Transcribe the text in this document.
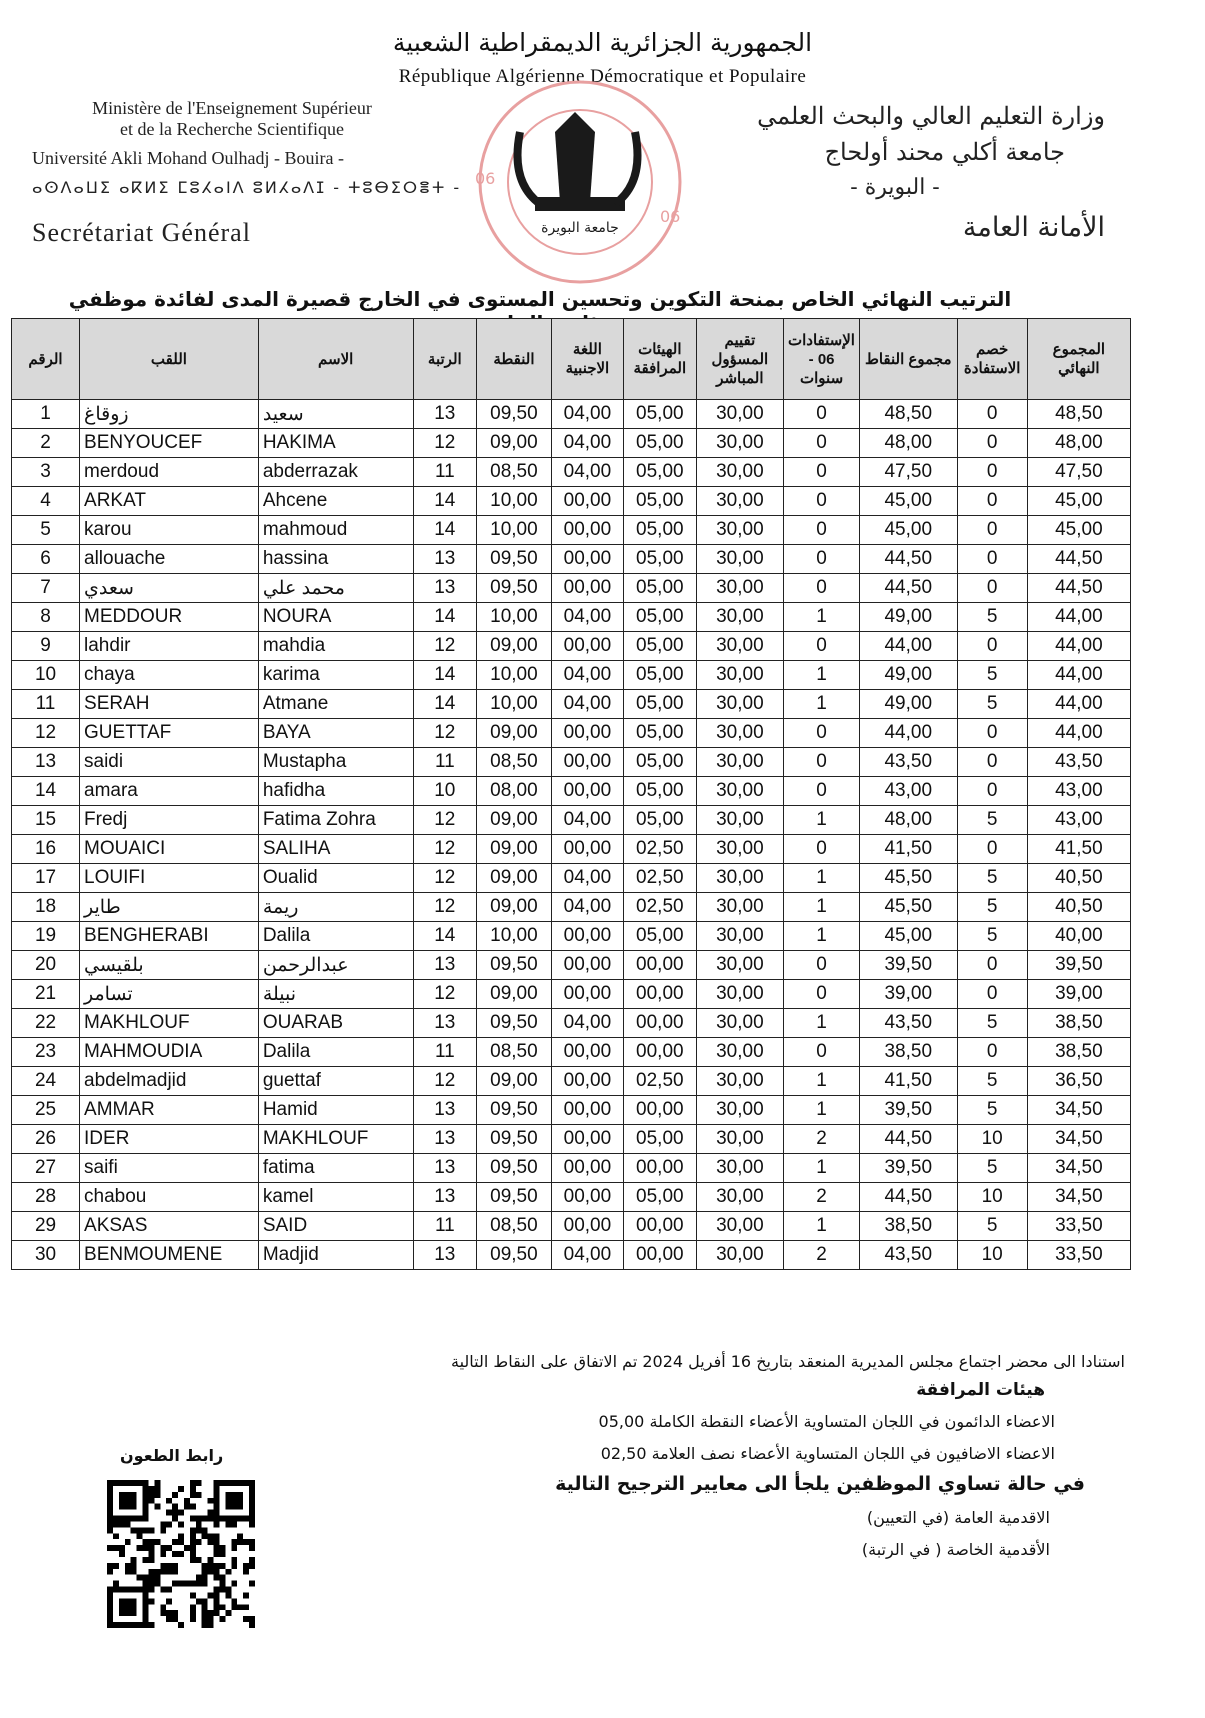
الجمهورية الجزائرية الديمقراطية الشعبية
République Algérienne Démocratique et Populaire
Ministère de l'Enseignement Supérieur
et de la Recherche Scientifique
Université Akli Mohand Oulhadj - Bouira -
ⴰⵙⴷⴰⵡⵉ ⴰⴽⵍⵉ ⵎⵓⵃⴰⵏⴷ ⵓⵍⵃⴰⴷⵊ - ⵜⵓⴱⵉⵔⴻⵜ -
Secrétariat Général
وزارة التعليم العالي والبحث العلمي
جامعة أكلي محند أولحاج
- البويرة -
الأمانة العامة
06
06
جامعة البويرة
الترتيب النهائي الخاص بمنحة التكوين وتحسين المستوى في الخارج قصيرة المدى لفائدة موظفي
الرقم	اللقب	الاسم	الرتبة	النقطة	اللغة الاجنبية	الهيئات المرافقة	تقييم المسؤول المباشر	الإستفادات 06 - سنوات	مجموع النقاط	خصم الاستفادة	المجموع النهائي
1	زوقاغ	سعيد	13	09,50	04,00	05,00	30,00	0	48,50	0	48,50
2	BENYOUCEF	HAKIMA	12	09,00	04,00	05,00	30,00	0	48,00	0	48,00
3	merdoud	abderrazak	11	08,50	04,00	05,00	30,00	0	47,50	0	47,50
4	ARKAT	Ahcene	14	10,00	00,00	05,00	30,00	0	45,00	0	45,00
5	karou	mahmoud	14	10,00	00,00	05,00	30,00	0	45,00	0	45,00
6	allouache	hassina	13	09,50	00,00	05,00	30,00	0	44,50	0	44,50
7	سعدي	محمد علي	13	09,50	00,00	05,00	30,00	0	44,50	0	44,50
8	MEDDOUR	NOURA	14	10,00	04,00	05,00	30,00	1	49,00	5	44,00
9	lahdir	mahdia	12	09,00	00,00	05,00	30,00	0	44,00	0	44,00
10	chaya	karima	14	10,00	04,00	05,00	30,00	1	49,00	5	44,00
11	SERAH	Atmane	14	10,00	04,00	05,00	30,00	1	49,00	5	44,00
12	GUETTAF	BAYA	12	09,00	00,00	05,00	30,00	0	44,00	0	44,00
13	saidi	Mustapha	11	08,50	00,00	05,00	30,00	0	43,50	0	43,50
14	amara	hafidha	10	08,00	00,00	05,00	30,00	0	43,00	0	43,00
15	Fredj	Fatima Zohra	12	09,00	04,00	05,00	30,00	1	48,00	5	43,00
16	MOUAICI	SALIHA	12	09,00	00,00	02,50	30,00	0	41,50	0	41,50
17	LOUIFI	Oualid	12	09,00	04,00	02,50	30,00	1	45,50	5	40,50
18	طاير	ريمة	12	09,00	04,00	02,50	30,00	1	45,50	5	40,50
19	BENGHERABI	Dalila	14	10,00	00,00	05,00	30,00	1	45,00	5	40,00
20	بلقيسي	عبدالرحمن	13	09,50	00,00	00,00	30,00	0	39,50	0	39,50
21	تسامر	نبيلة	12	09,00	00,00	00,00	30,00	0	39,00	0	39,00
22	MAKHLOUF	OUARAB	13	09,50	04,00	00,00	30,00	1	43,50	5	38,50
23	MAHMOUDIA	Dalila	11	08,50	00,00	00,00	30,00	0	38,50	0	38,50
24	abdelmadjid	guettaf	12	09,00	00,00	02,50	30,00	1	41,50	5	36,50
25	AMMAR	Hamid	13	09,50	00,00	00,00	30,00	1	39,50	5	34,50
26	IDER	MAKHLOUF	13	09,50	00,00	05,00	30,00	2	44,50	10	34,50
27	saifi	fatima	13	09,50	00,00	00,00	30,00	1	39,50	5	34,50
28	chabou	kamel	13	09,50	00,00	05,00	30,00	2	44,50	10	34,50
29	AKSAS	SAID	11	08,50	00,00	00,00	30,00	1	38,50	5	33,50
30	BENMOUMENE	Madjid	13	09,50	04,00	00,00	30,00	2	43,50	10	33,50
استنادا الى محضر اجتماع مجلس المديرية المنعقد بتاريخ 16 أفريل 2024 تم الاتفاق على النقاط التالية
هيئات المرافقة
الاعضاء الدائمون في اللجان المتساوية الأعضاء النقطة الكاملة 05,00
الاعضاء الاضافيون في اللجان المتساوية الأعضاء نصف العلامة 02,50
في حالة تساوي الموظفين يلجأ الى معايير الترجيح التالية
الاقدمية العامة (في التعيين)
الأقدمية الخاصة ( في الرتبة)
رابط الطعون
